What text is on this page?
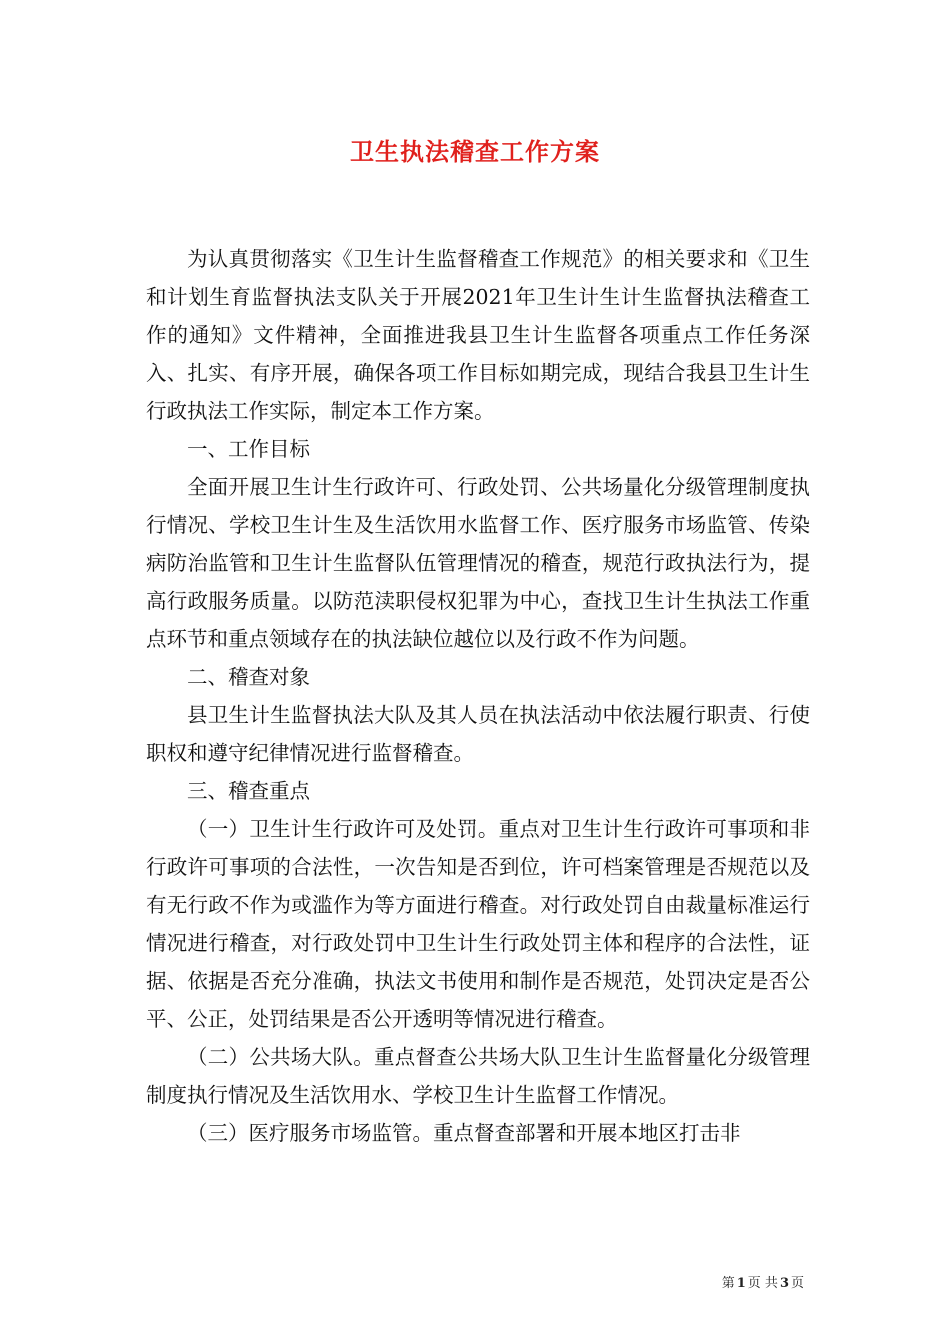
卫生执法稽查工作方案

为认真贯彻落实《卫生计生监督稽查工作规范》的相关要求和《卫生和计划生育监督执法支队关于开展2021年卫生计生计生监督执法稽查工作的通知》文件精神，全面推进我县卫生计生监督各项重点工作任务深入、扎实、有序开展，确保各项工作目标如期完成，现结合我县卫生计生行政执法工作实际，制定本工作方案。

一、工作目标

全面开展卫生计生行政许可、行政处罚、公共场量化分级管理制度执行情况、学校卫生计生及生活饮用水监督工作、医疗服务市场监管、传染病防治监管和卫生计生监督队伍管理情况的稽查，规范行政执法行为，提高行政服务质量。以防范渎职侵权犯罪为中心，查找卫生计生执法工作重点环节和重点领域存在的执法缺位越位以及行政不作为问题。

二、稽查对象

县卫生计生监督执法大队及其人员在执法活动中依法履行职责、行使职权和遵守纪律情况进行监督稽查。

三、稽查重点

（一）卫生计生行政许可及处罚。重点对卫生计生行政许可事项和非行政许可事项的合法性，一次告知是否到位，许可档案管理是否规范以及有无行政不作为或滥作为等方面进行稽查。对行政处罚自由裁量标准运行情况进行稽查，对行政处罚中卫生计生行政处罚主体和程序的合法性，证据、依据是否充分准确，执法文书使用和制作是否规范，处罚决定是否公平、公正，处罚结果是否公开透明等情况进行稽查。

（二）公共场大队。重点督查公共场大队卫生计生监督量化分级管理制度执行情况及生活饮用水、学校卫生计生监督工作情况。

（三）医疗服务市场监管。重点督查部署和开展本地区打击非

第 1 页 共 3 页
